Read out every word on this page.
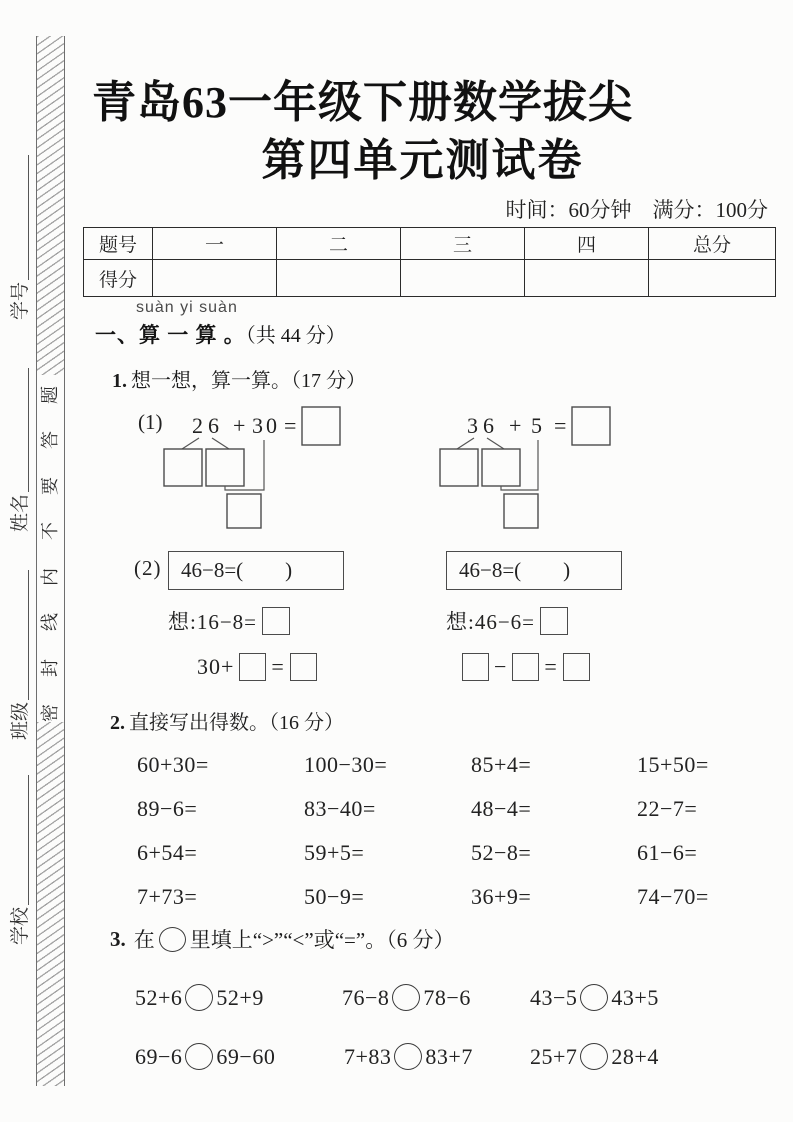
学号
姓名
班级
学校
题
答
要
不
内
线
封
密
青岛63一年级下册数学拔尖
第四单元测试卷
时间：60分钟　满分：100分
题号	一	二	三	四	总分
得分					
suàn yi suàn
一、算 一 算 。（共 44 分）
1. 想一想，算一算。（17 分）
(1) 26 + 30 =	36 + 5 =
(2) 46−8=(        )	46−8=(        )
想:16−8=	想:46−6=
30+ =	− =
2. 直接写出得数。（16 分）
60+30=	100−30=	85+4=	15+50=
89−6=	83−40=	48−4=	22−7=
6+54=	59+5=	52−8=	61−6=
7+73=	50−9=	36+9=	74−70=
3. 在 里填上“>”“<”或“=”。（6 分）
52+6 52+9	76−8 78−6	43−5 43+5
69−6 69−60	7+83 83+7	25+7 28+4
